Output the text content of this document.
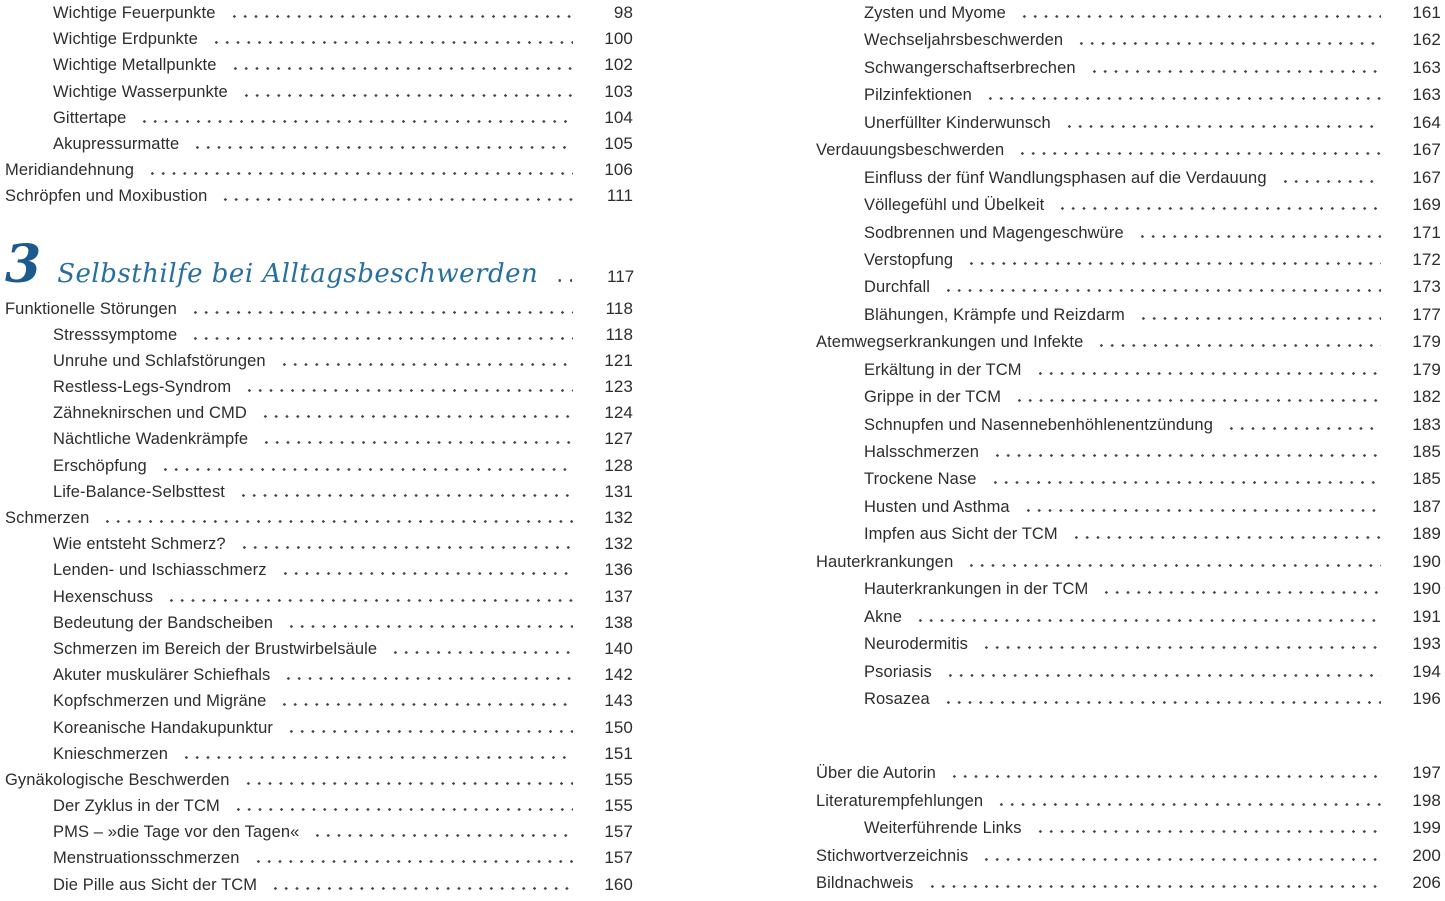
Wichtige Feuerpunkte	98
Wichtige Erdpunkte	100
Wichtige Metallpunkte	102
Wichtige Wasserpunkte	103
Gittertape	104
Akupressurmatte	105
Meridiandehnung	106
Schröpfen und Moxibustion	111
3 Selbsthilfe bei Alltagsbeschwerden	117
Funktionelle Störungen	118
Stresssymptome	118
Unruhe und Schlafstörungen	121
Restless-Legs-Syndrom	123
Zähneknirschen und CMD	124
Nächtliche Wadenkrämpfe	127
Erschöpfung	128
Life-Balance-Selbsttest	131
Schmerzen	132
Wie entsteht Schmerz?	132
Lenden- und Ischiasschmerz	136
Hexenschuss	137
Bedeutung der Bandscheiben	138
Schmerzen im Bereich der Brustwirbelsäule	140
Akuter muskulärer Schiefhals	142
Kopfschmerzen und Migräne	143
Koreanische Handakupunktur	150
Knieschmerzen	151
Gynäkologische Beschwerden	155
Der Zyklus in der TCM	155
PMS – »die Tage vor den Tagen«	157
Menstruationsschmerzen	157
Die Pille aus Sicht der TCM	160
Zysten und Myome	161
Wechseljahrsbeschwerden	162
Schwangerschaftserbrechen	163
Pilzinfektionen	163
Unerfüllter Kinderwunsch	164
Verdauungsbeschwerden	167
Einfluss der fünf Wandlungsphasen auf die Verdauung	167
Völlegefühl und Übelkeit	169
Sodbrennen und Magengeschwüre	171
Verstopfung	172
Durchfall	173
Blähungen, Krämpfe und Reizdarm	177
Atemwegserkrankungen und Infekte	179
Erkältung in der TCM	179
Grippe in der TCM	182
Schnupfen und Nasennebenhöhlenentzündung	183
Halsschmerzen	185
Trockene Nase	185
Husten und Asthma	187
Impfen aus Sicht der TCM	189
Hauterkrankungen	190
Hauterkrankungen in der TCM	190
Akne	191
Neurodermitis	193
Psoriasis	194
Rosazea	196
Über die Autorin	197
Literaturempfehlungen	198
Weiterführende Links	199
Stichwortverzeichnis	200
Bildnachweis	206
